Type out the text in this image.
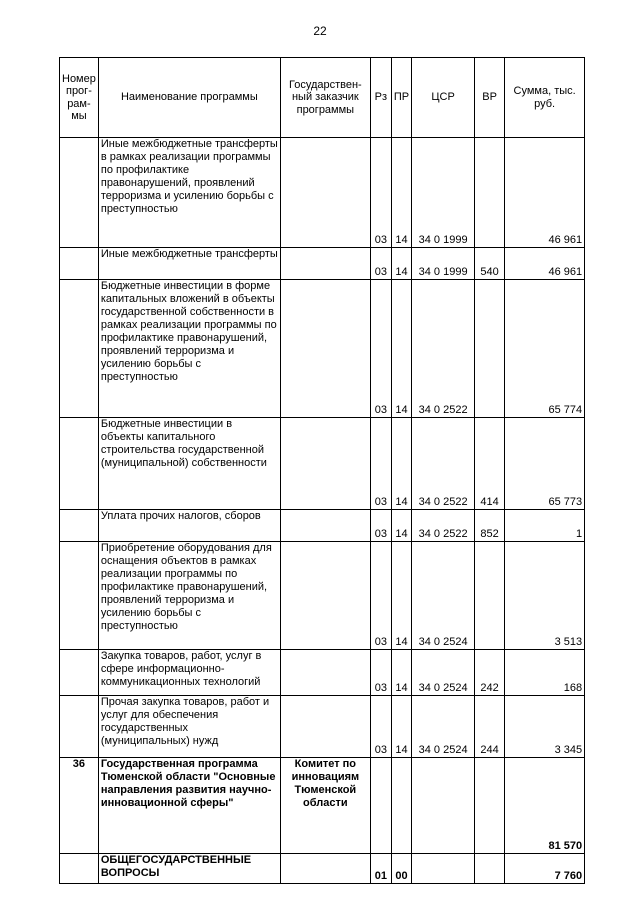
22
Номер прог- рам- мы	Наименование программы	Государствен- ный заказчик программы	Рз	ПР	ЦСР	ВР	Сумма, тыс. руб.
	Иные межбюджетные трансферты в рамках реализации программы по профилактике правонарушений, проявлений терроризма и усилению борьбы с преступностью		03	14	34 0 1999		46 961
	Иные межбюджетные трансферты		03	14	34 0 1999	540	46 961
	Бюджетные инвестиции в форме капитальных вложений в объекты государственной собственности в рамках реализации программы по профилактике правонарушений, проявлений терроризма и усилению борьбы с преступностью		03	14	34 0 2522		65 774
	Бюджетные инвестиции в объекты капитального строительства государственной (муниципальной) собственности		03	14	34 0 2522	414	65 773
	Уплата прочих налогов, сборов		03	14	34 0 2522	852	1
	Приобретение оборудования для оснащения объектов в рамках реализации программы по профилактике правонарушений, проявлений терроризма и усилению борьбы с преступностью		03	14	34 0 2524		3 513
	Закупка товаров, работ, услуг в сфере информационно-коммуникационных технологий		03	14	34 0 2524	242	168
	Прочая закупка товаров, работ и услуг для обеспечения государственных (муниципальных) нужд		03	14	34 0 2524	244	3 345
36	Государственная программа Тюменской области "Основные направления развития научно-инновационной сферы"	Комитет по инновациям Тюменской области					81 570
	ОБЩЕГОСУДАРСТВЕННЫЕ ВОПРОСЫ		01	00			7 760
